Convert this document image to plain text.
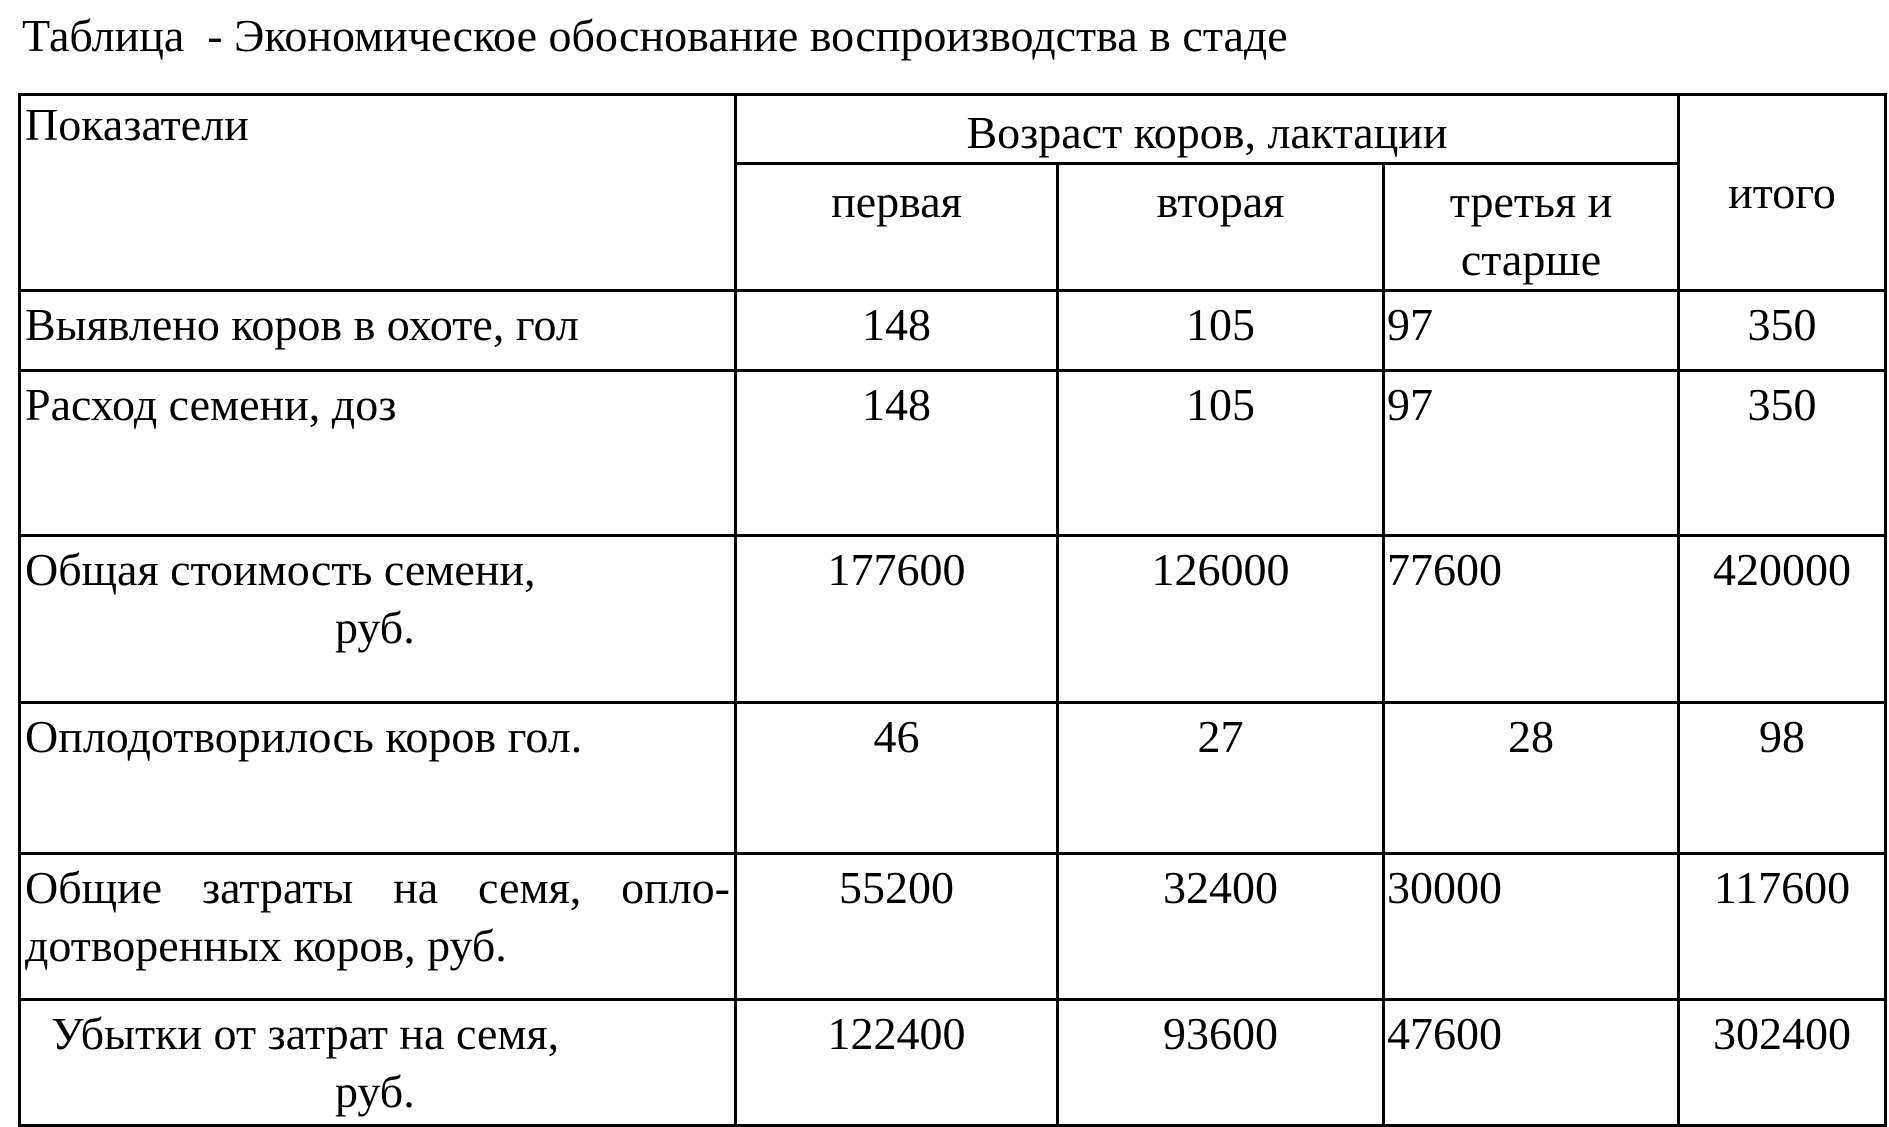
Таблица  - Экономическое обоснование воспроизводства в стаде
Показатели	Возраст коров, лактации			итого
	первая	вторая	третья и
старше	

Выявлено коров в охоте, гол	148	105	97	350
Расход семени, доз	148	105	97	350

Общая стоимость семени,
руб.	177600	126000	77600	420000
Оплодотворилось коров гол.	46	27	28	98

Общие затраты на семя, опло-
дотворенных коров, руб.	55200	32400	30000	117600

Убытки от затрат на семя,
руб.	122400	93600	47600	302400
